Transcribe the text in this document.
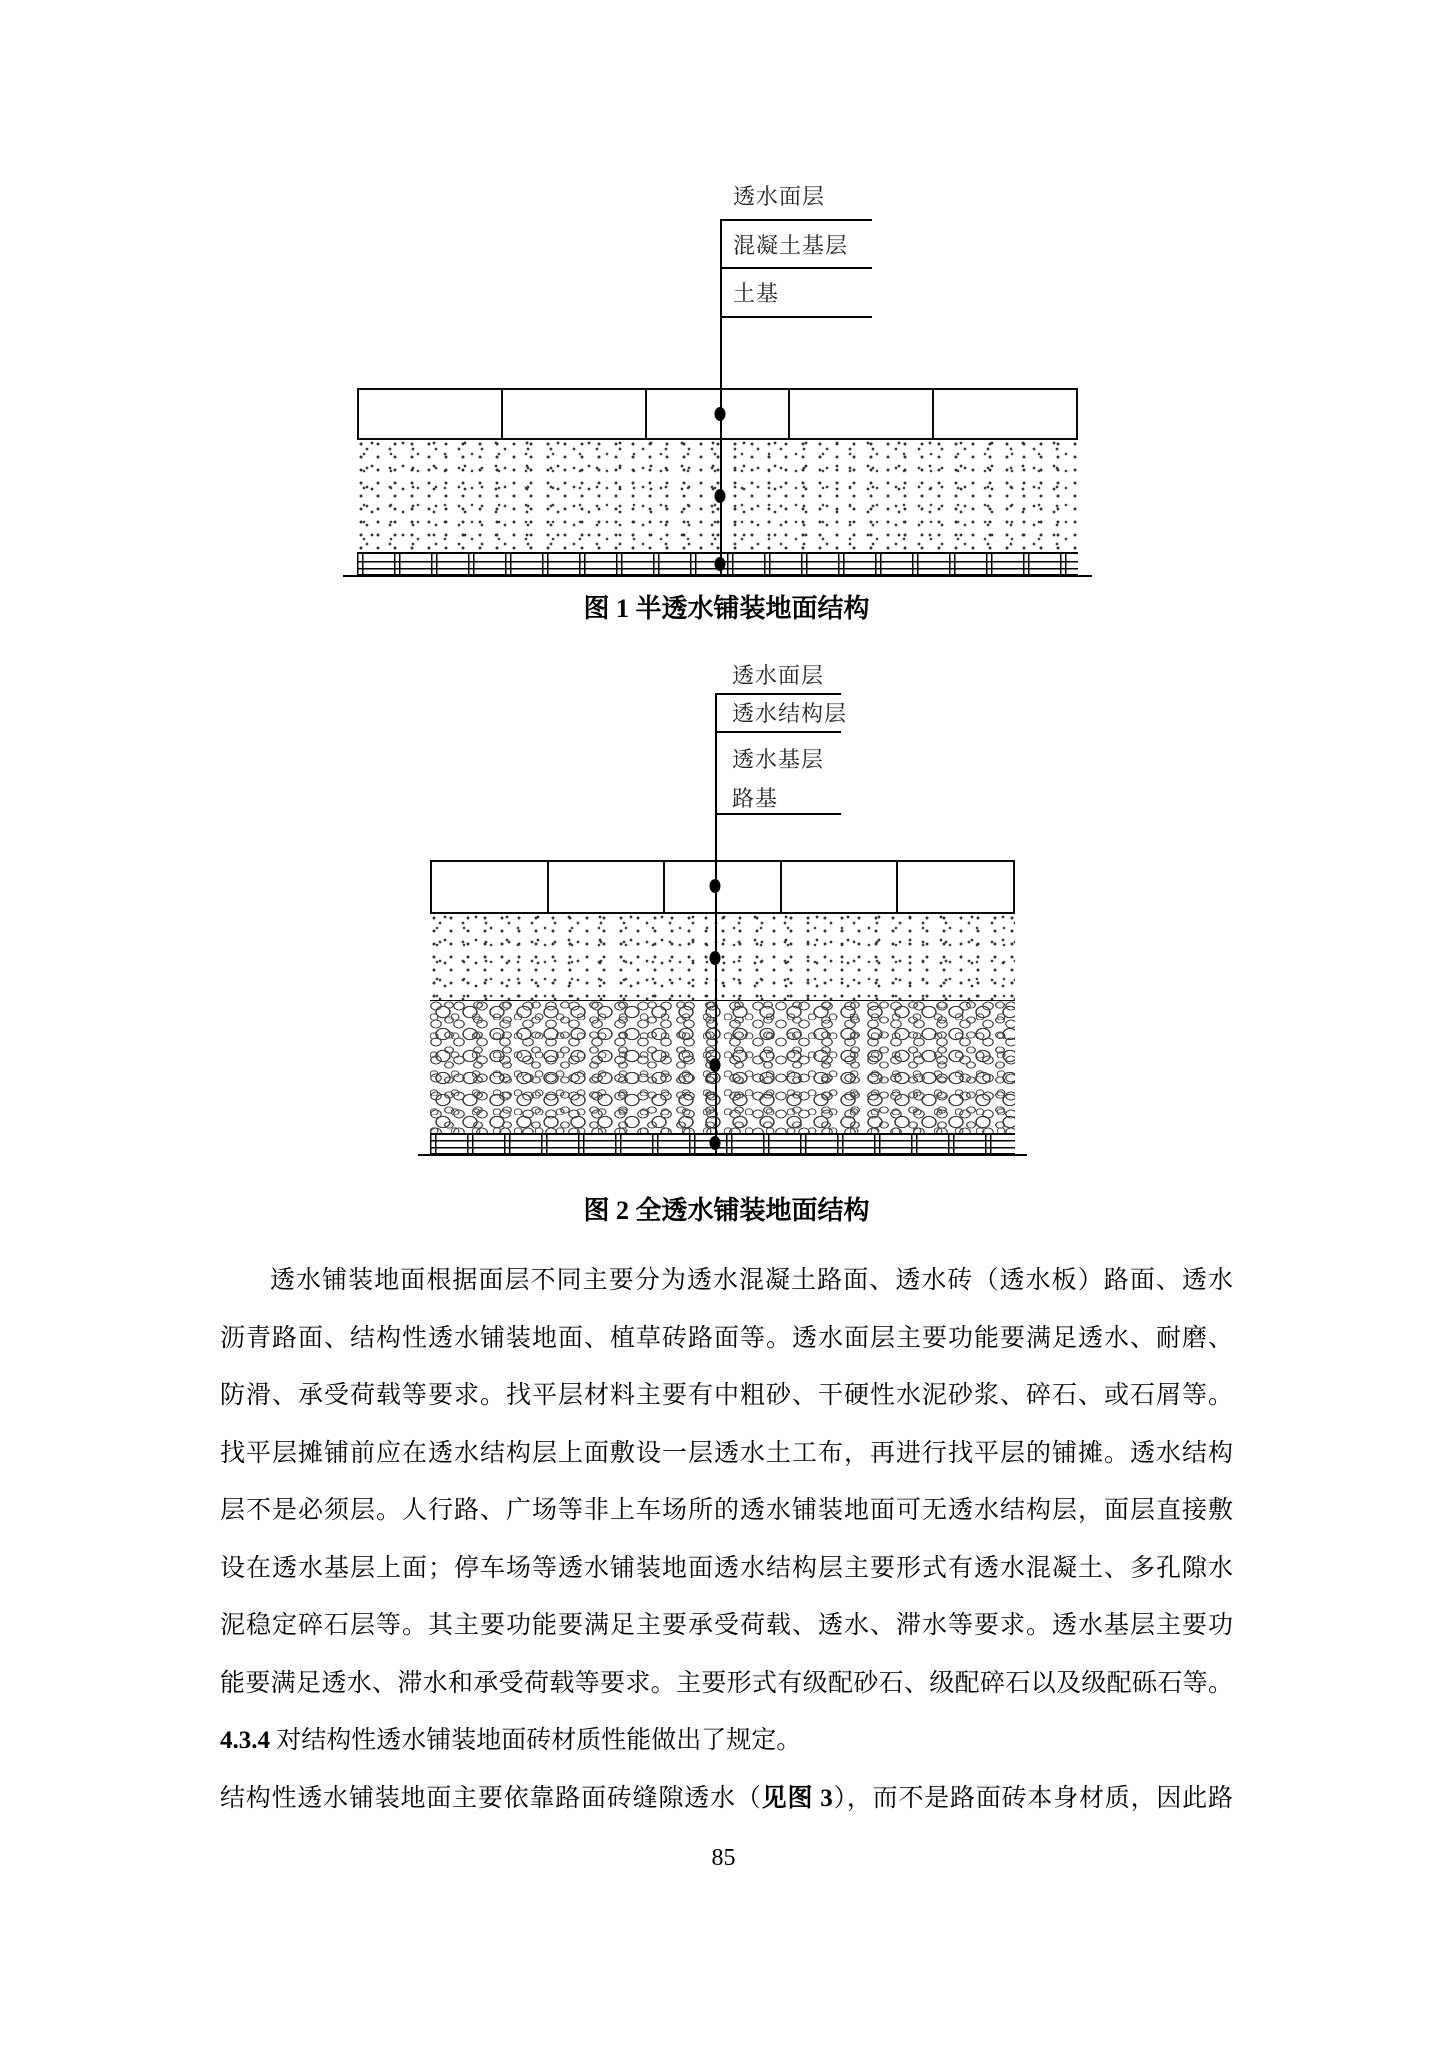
透水面层
混凝土基层
土基
图 1 半透水铺装地面结构
透水面层
透水结构层
透水基层
路基
图 2 全透水铺装地面结构
透水铺装地面根据面层不同主要分为透水混凝土路面、透水砖（透水板）路面、透水
沥青路面、结构性透水铺装地面、植草砖路面等。透水面层主要功能要满足透水、耐磨、
防滑、承受荷载等要求。找平层材料主要有中粗砂、干硬性水泥砂浆、碎石、或石屑等。
找平层摊铺前应在透水结构层上面敷设一层透水土工布，再进行找平层的铺摊。透水结构
层不是必须层。人行路、广场等非上车场所的透水铺装地面可无透水结构层，面层直接敷
设在透水基层上面；停车场等透水铺装地面透水结构层主要形式有透水混凝土、多孔隙水
泥稳定碎石层等。其主要功能要满足主要承受荷载、透水、滞水等要求。透水基层主要功
能要满足透水、滞水和承受荷载等要求。主要形式有级配砂石、级配碎石以及级配砾石等。
4.3.4 对结构性透水铺装地面砖材质性能做出了规定。
结构性透水铺装地面主要依靠路面砖缝隙透水（见图 3），而不是路面砖本身材质，因此路
85
